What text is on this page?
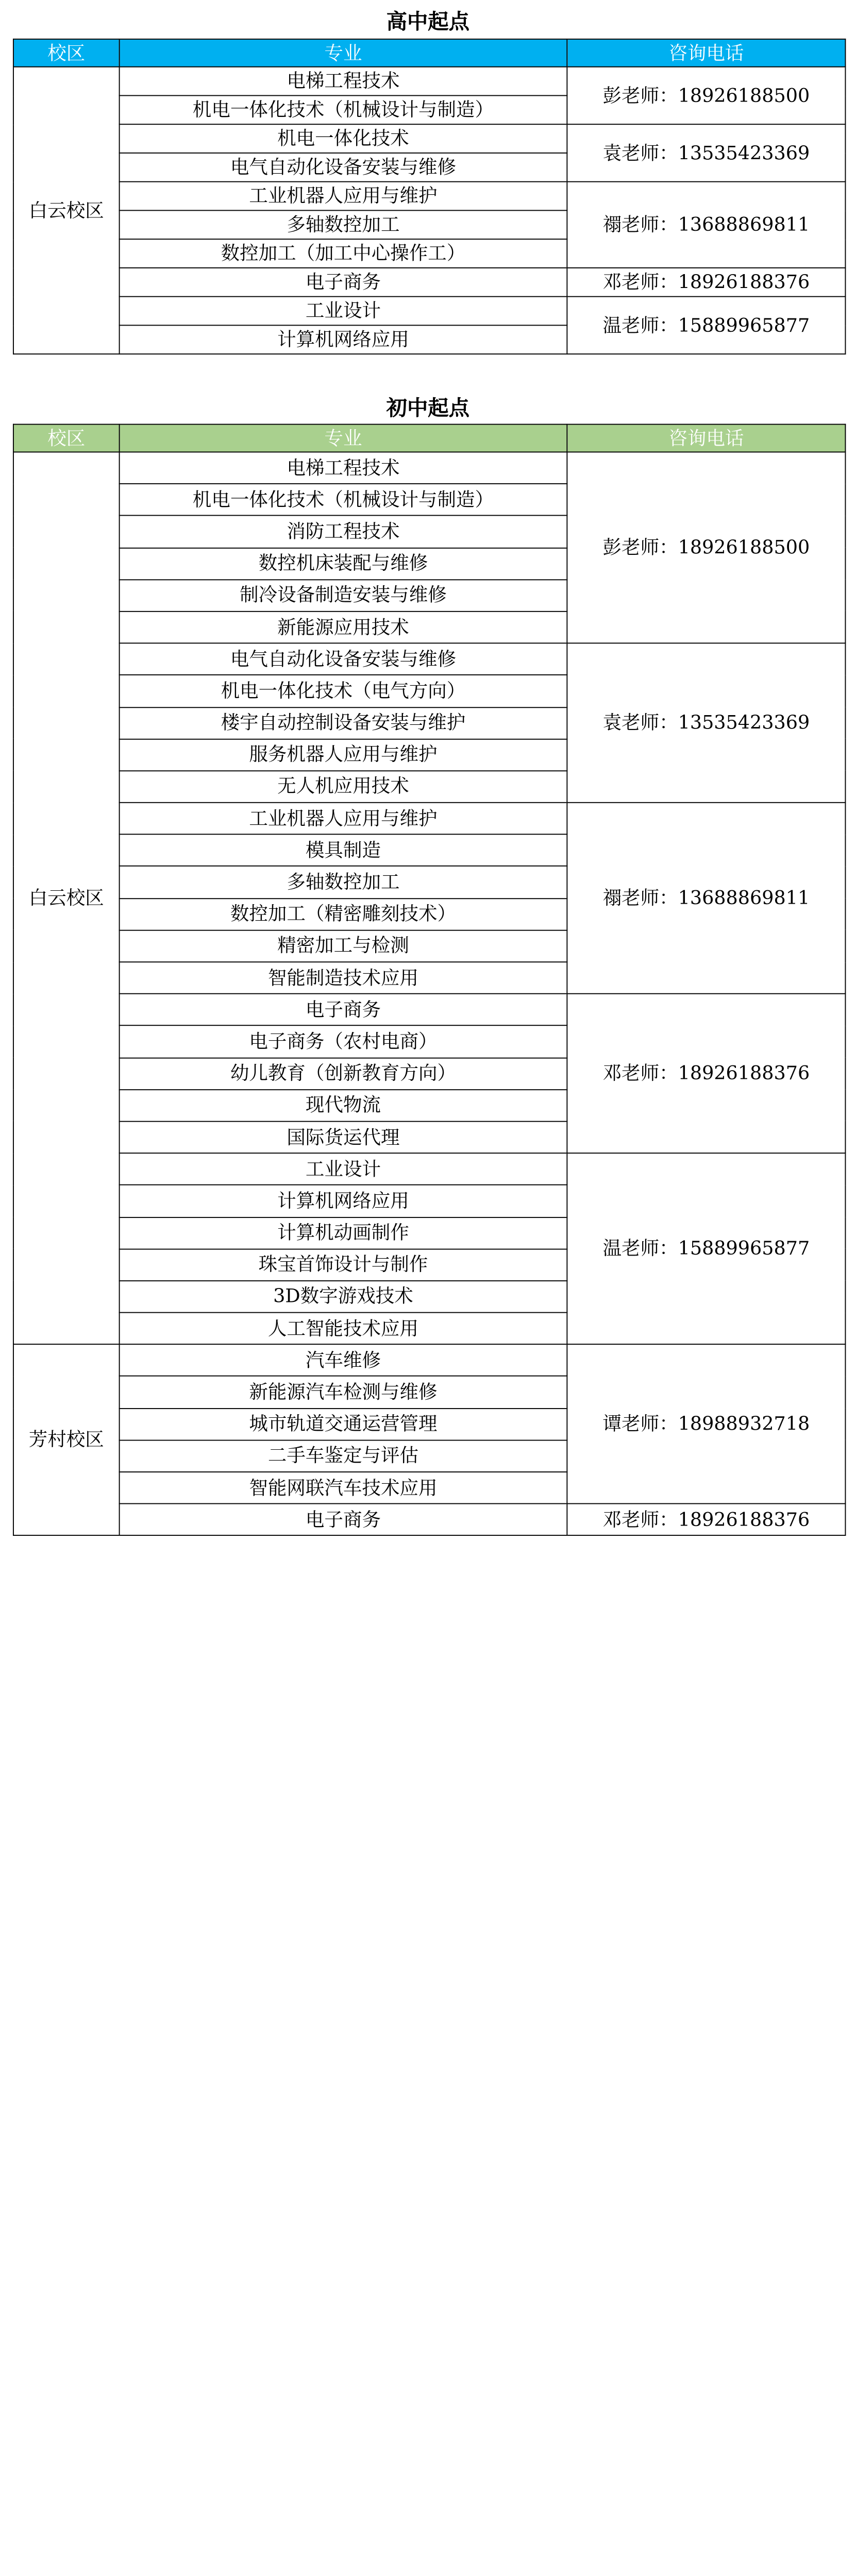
高中起点
校区	专业	咨询电话
白云校区	电梯工程技术	彭老师：18926188500
	机电一体化技术（机械设计与制造）	
	机电一体化技术	袁老师：13535423369
	电气自动化设备安装与维修	
	工业机器人应用与维护	禤老师：13688869811
	多轴数控加工	
	数控加工（加工中心操作工）	
	电子商务	邓老师：18926188376
	工业设计	温老师：15889965877
	计算机网络应用	
初中起点
校区	专业	咨询电话
白云校区	电梯工程技术	彭老师：18926188500
	机电一体化技术（机械设计与制造）	
	消防工程技术	
	数控机床装配与维修	
	制冷设备制造安装与维修	
	新能源应用技术	
	电气自动化设备安装与维修	袁老师：13535423369
	机电一体化技术（电气方向）	
	楼宇自动控制设备安装与维护	
	服务机器人应用与维护	
	无人机应用技术	
	工业机器人应用与维护	禤老师：13688869811
	模具制造	
	多轴数控加工	
	数控加工（精密雕刻技术）	
	精密加工与检测	
	智能制造技术应用	
	电子商务	邓老师：18926188376
	电子商务（农村电商）	
	幼儿教育（创新教育方向）	
	现代物流	
	国际货运代理	
	工业设计	温老师：15889965877
	计算机网络应用	
	计算机动画制作	
	珠宝首饰设计与制作	
	3D数字游戏技术	
	人工智能技术应用	
芳村校区	汽车维修	谭老师：18988932718
	新能源汽车检测与维修	
	城市轨道交通运营管理	
	二手车鉴定与评估	
	智能网联汽车技术应用	
	电子商务	邓老师：18926188376
